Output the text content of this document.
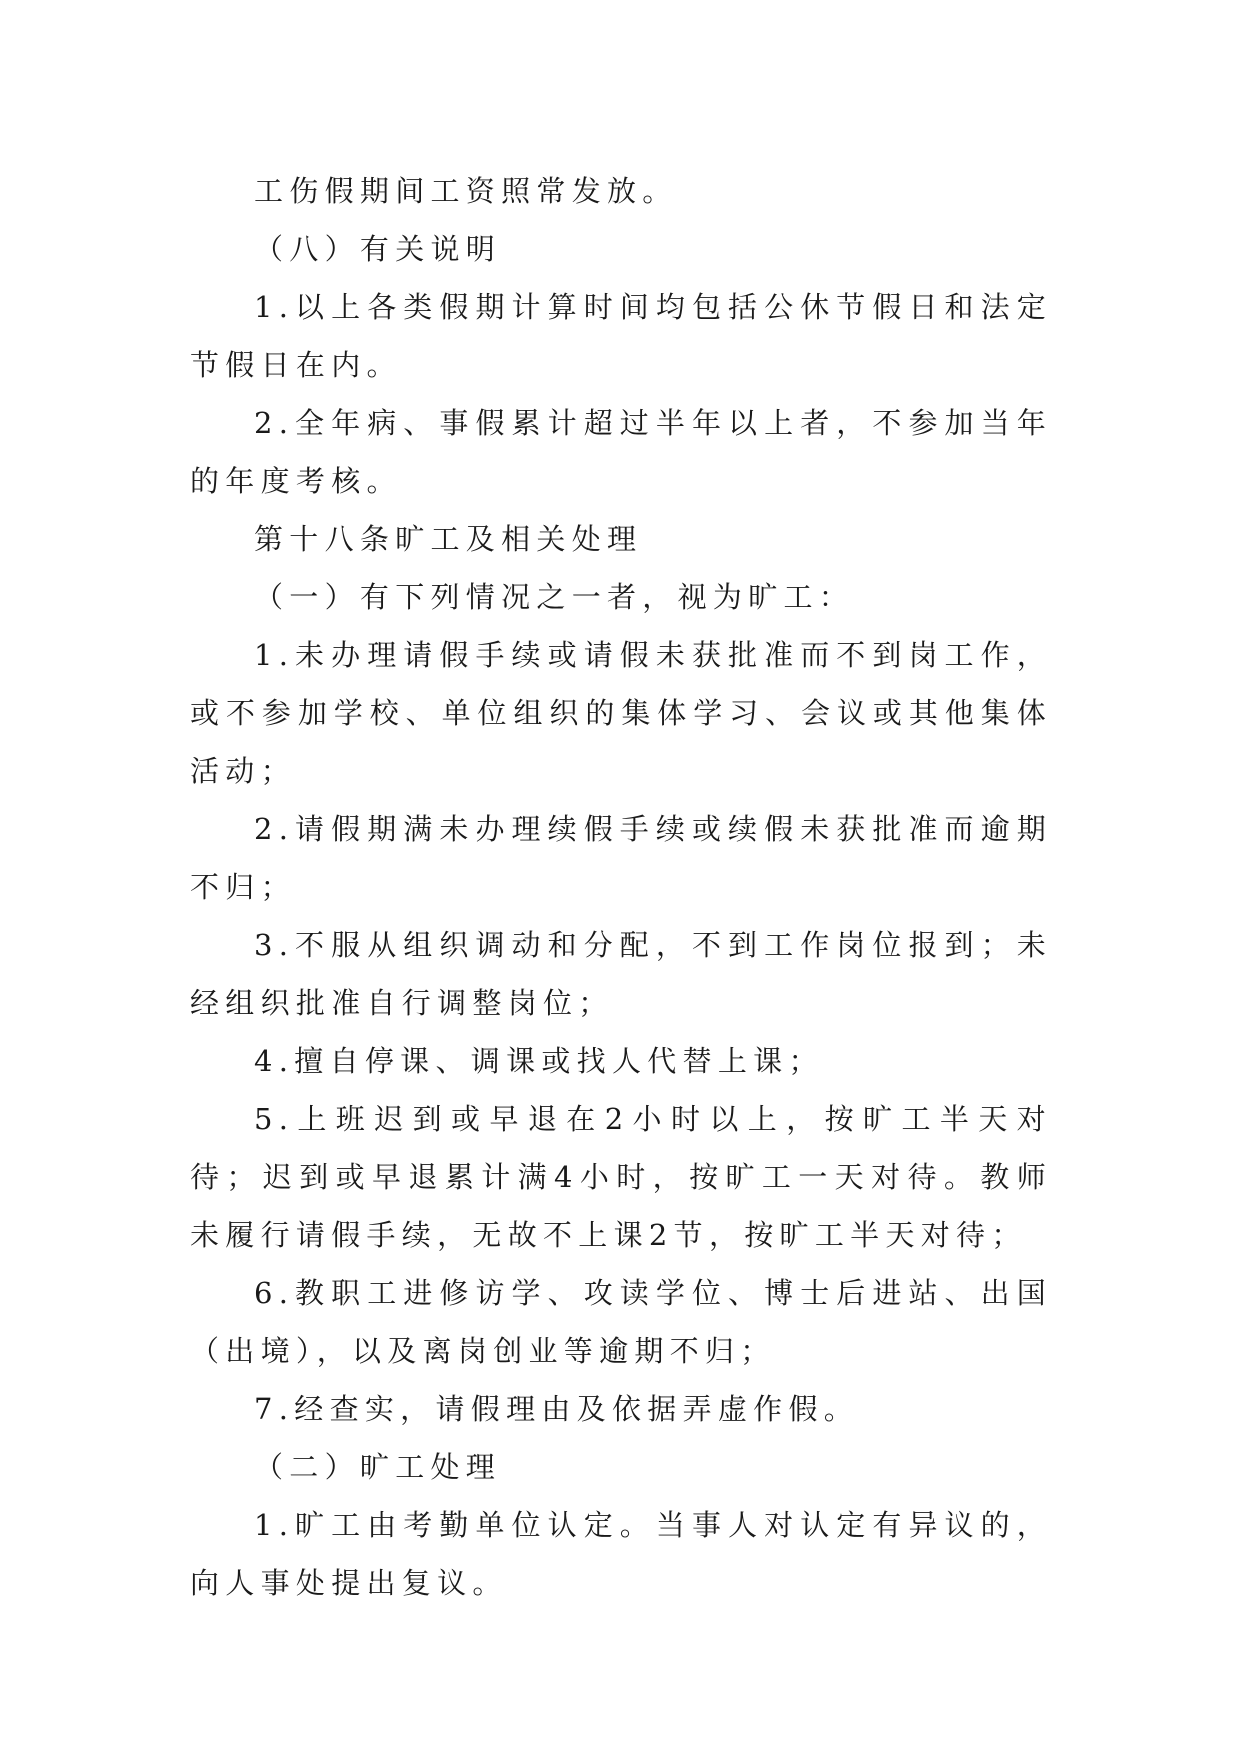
工伤假期间工资照常发放。

（八）有关说明

1.以上各类假期计算时间均包括公休节假日和法定节假日在内。

2.全年病、事假累计超过半年以上者，不参加当年的年度考核。

第十八条旷工及相关处理

（一）有下列情况之一者，视为旷工：

1.未办理请假手续或请假未获批准而不到岗工作，或不参加学校、单位组织的集体学习、会议或其他集体活动；

2.请假期满未办理续假手续或续假未获批准而逾期不归；

3.不服从组织调动和分配，不到工作岗位报到；未经组织批准自行调整岗位；

4.擅自停课、调课或找人代替上课；

5.上班迟到或早退在2小时以上，按旷工半天对待；迟到或早退累计满4小时，按旷工一天对待。教师未履行请假手续，无故不上课2节，按旷工半天对待；

6.教职工进修访学、攻读学位、博士后进站、出国（出境），以及离岗创业等逾期不归；

7.经查实，请假理由及依据弄虚作假。

（二）旷工处理

1.旷工由考勤单位认定。当事人对认定有异议的，向人事处提出复议。
